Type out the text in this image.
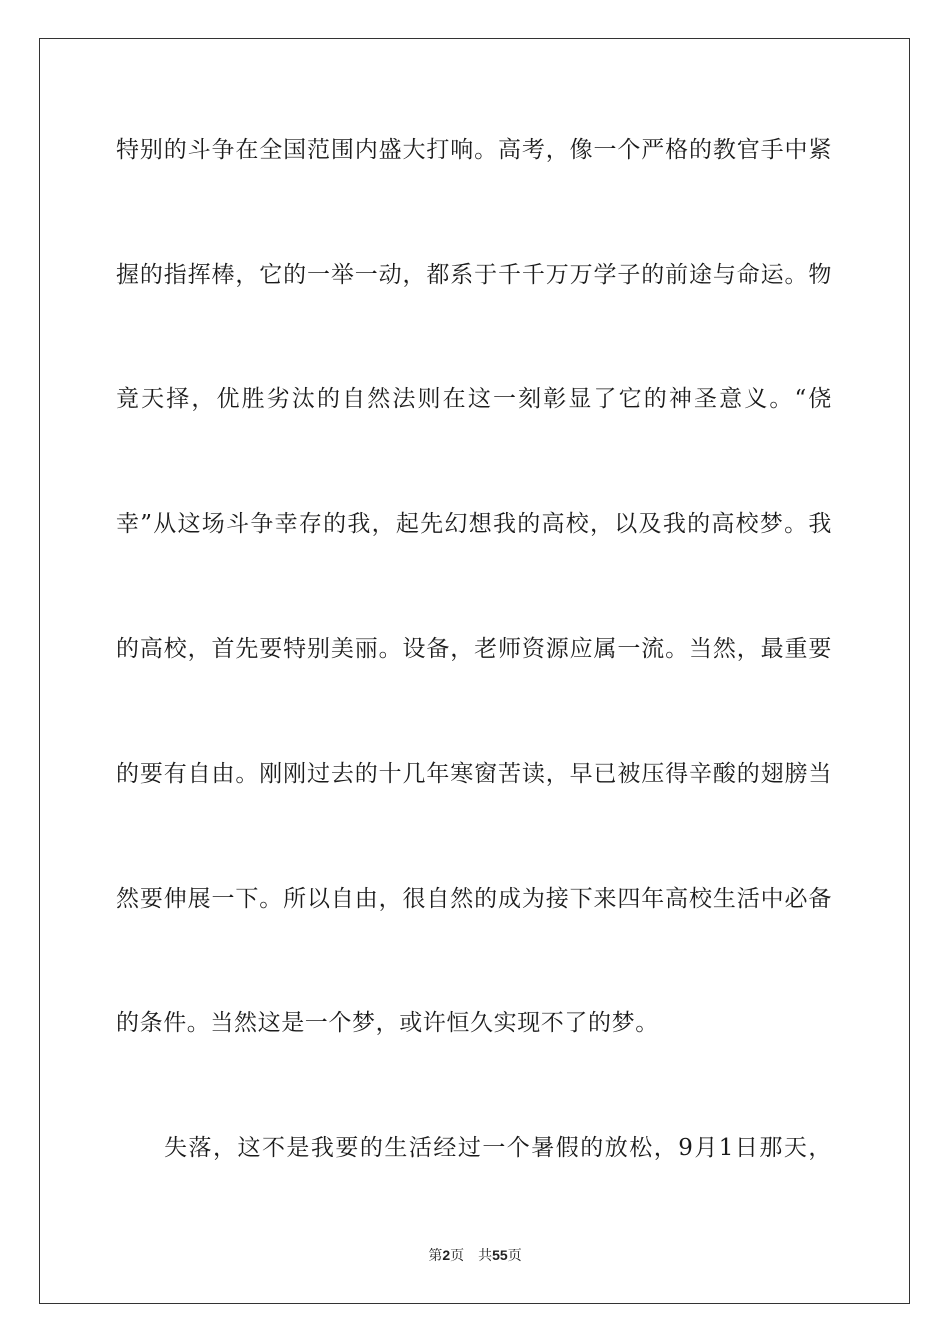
特别的斗争在全国范围内盛大打响。高考，像一个严格的教官手中紧
握的指挥棒，它的一举一动，都系于千千万万学子的前途与命运。物
竟天择，优胜劣汰的自然法则在这一刻彰显了它的神圣意义。“侥
幸”从这场斗争幸存的我，起先幻想我的高校，以及我的高校梦。我
的高校，首先要特别美丽。设备，老师资源应属一流。当然，最重要
的要有自由。刚刚过去的十几年寒窗苦读，早已被压得辛酸的翅膀当
然要伸展一下。所以自由，很自然的成为接下来四年高校生活中必备
的条件。当然这是一个梦，或许恒久实现不了的梦。
失落，这不是我要的生活经过一个暑假的放松，9月1日那天，
第2页 共55页
